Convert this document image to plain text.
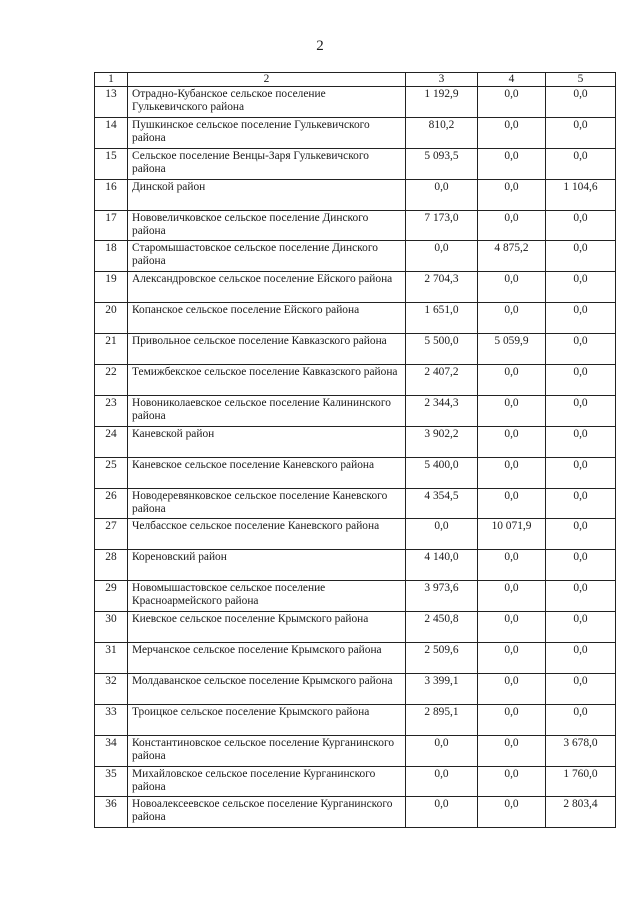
2
1	2	3	4	5
13	Отрадно-Кубанское сельское поселение Гулькевичского района	1 192,9	0,0	0,0
14	Пушкинское сельское поселение Гулькевичского района	810,2	0,0	0,0
15	Сельское поселение Венцы-Заря Гулькевичского района	5 093,5	0,0	0,0
16	Динской район	0,0	0,0	1 104,6
17	Нововеличковское сельское поселение Динского района	7 173,0	0,0	0,0
18	Старомышастовское сельское поселение Динского района	0,0	4 875,2	0,0
19	Александровское сельское поселение Ейского района	2 704,3	0,0	0,0
20	Копанское сельское поселение Ейского района	1 651,0	0,0	0,0
21	Привольное сельское поселение Кавказского района	5 500,0	5 059,9	0,0
22	Темижбекское сельское поселение Кавказского района	2 407,2	0,0	0,0
23	Новониколаевское сельское поселение Калининского района	2 344,3	0,0	0,0
24	Каневской район	3 902,2	0,0	0,0
25	Каневское сельское поселение Каневского района	5 400,0	0,0	0,0
26	Новодеревянковское сельское поселение Каневского района	4 354,5	0,0	0,0
27	Челбасское сельское поселение Каневского района	0,0	10 071,9	0,0
28	Кореновский район	4 140,0	0,0	0,0
29	Новомышастовское сельское поселение Красноармейского района	3 973,6	0,0	0,0
30	Киевское сельское поселение Крымского района	2 450,8	0,0	0,0
31	Мерчанское сельское поселение Крымского района	2 509,6	0,0	0,0
32	Молдаванское сельское поселение Крымского района	3 399,1	0,0	0,0
33	Троицкое сельское поселение Крымского района	2 895,1	0,0	0,0
34	Константиновское сельское поселение Курганинского района	0,0	0,0	3 678,0
35	Михайловское сельское поселение Курганинского района	0,0	0,0	1 760,0
36	Новоалексеевское сельское поселение Курганинского района	0,0	0,0	2 803,4
